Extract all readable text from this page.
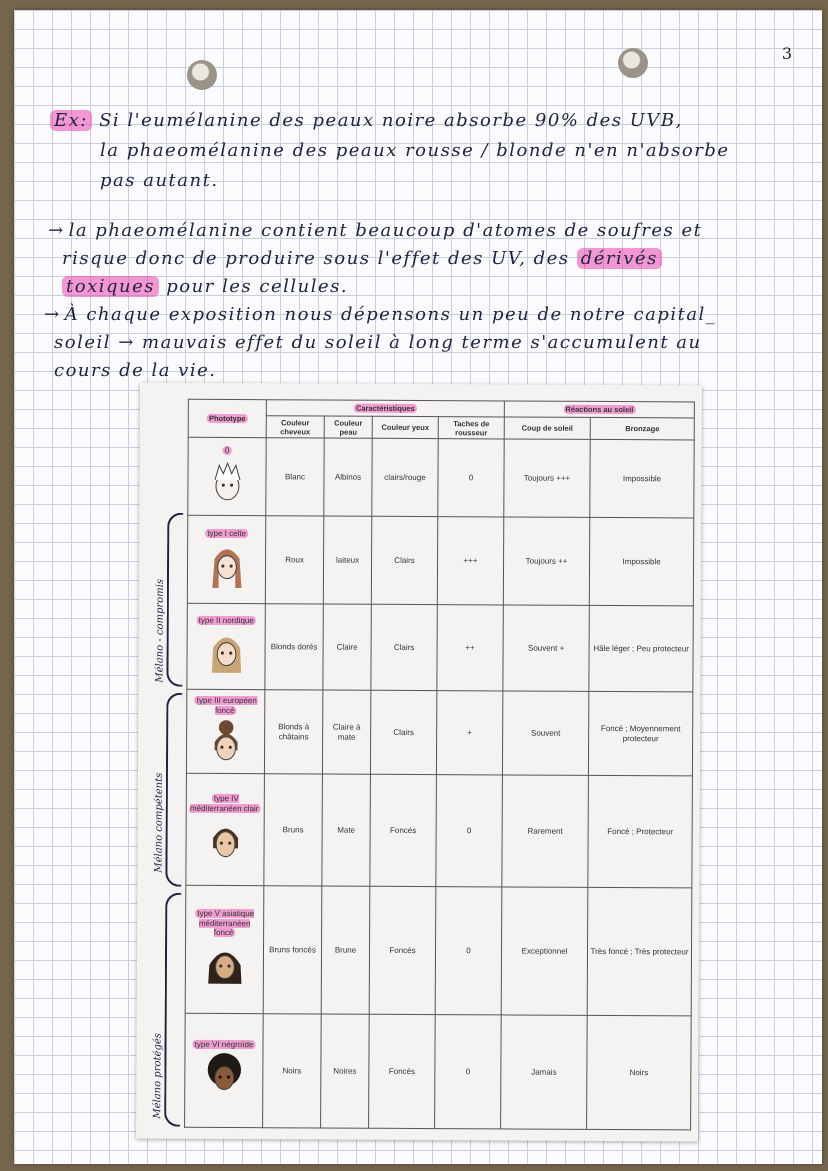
3
Ex: Si l'eumélanine des peaux noire absorbe 90% des UVB,
la phaeomélanine des peaux rousse / blonde n'en n'absorbe
pas autant.
→ la phaeomélanine contient beaucoup d'atomes de soufres et
risque donc de produire sous l'effet des UV, des dérivés
toxiques pour les cellules.
→ À chaque exposition nous dépensons un peu de notre capital_
soleil → mauvais effet du soleil à long terme s'accumulent au
cours de la vie.
Mélano - compromis
Mélano compétents
Mélano protégés
Phototype	Caractéristiques				Réactions au soleil	
	Couleur cheveux	Couleur peau	Couleur yeux	Taches de rousseur	Coup de soleil	Bronzage
0	Blanc	Albinos	clairs/rouge	0	Toujours +++	Impossible
type I celte	Roux	laiteux	Clairs	+++	Toujours ++	Impossible
type II nordique	Blonds dorés	Claire	Clairs	++	Souvent +	Hâle léger ; Peu protecteur
type III européen foncé	Blonds à châtains	Claire à mate	Clairs	+	Souvent	Foncé ; Moyennement protecteur
type IV méditerranéen clair	Bruns	Mate	Foncés	0	Rarement	Foncé ; Protecteur
type V asiatique méditerranéen foncé	Bruns foncés	Brune	Foncés	0	Exceptionnel	Très foncé ; Très protecteur
type VI négroïde	Noirs	Noires	Foncés	0	Jamais	Noirs
